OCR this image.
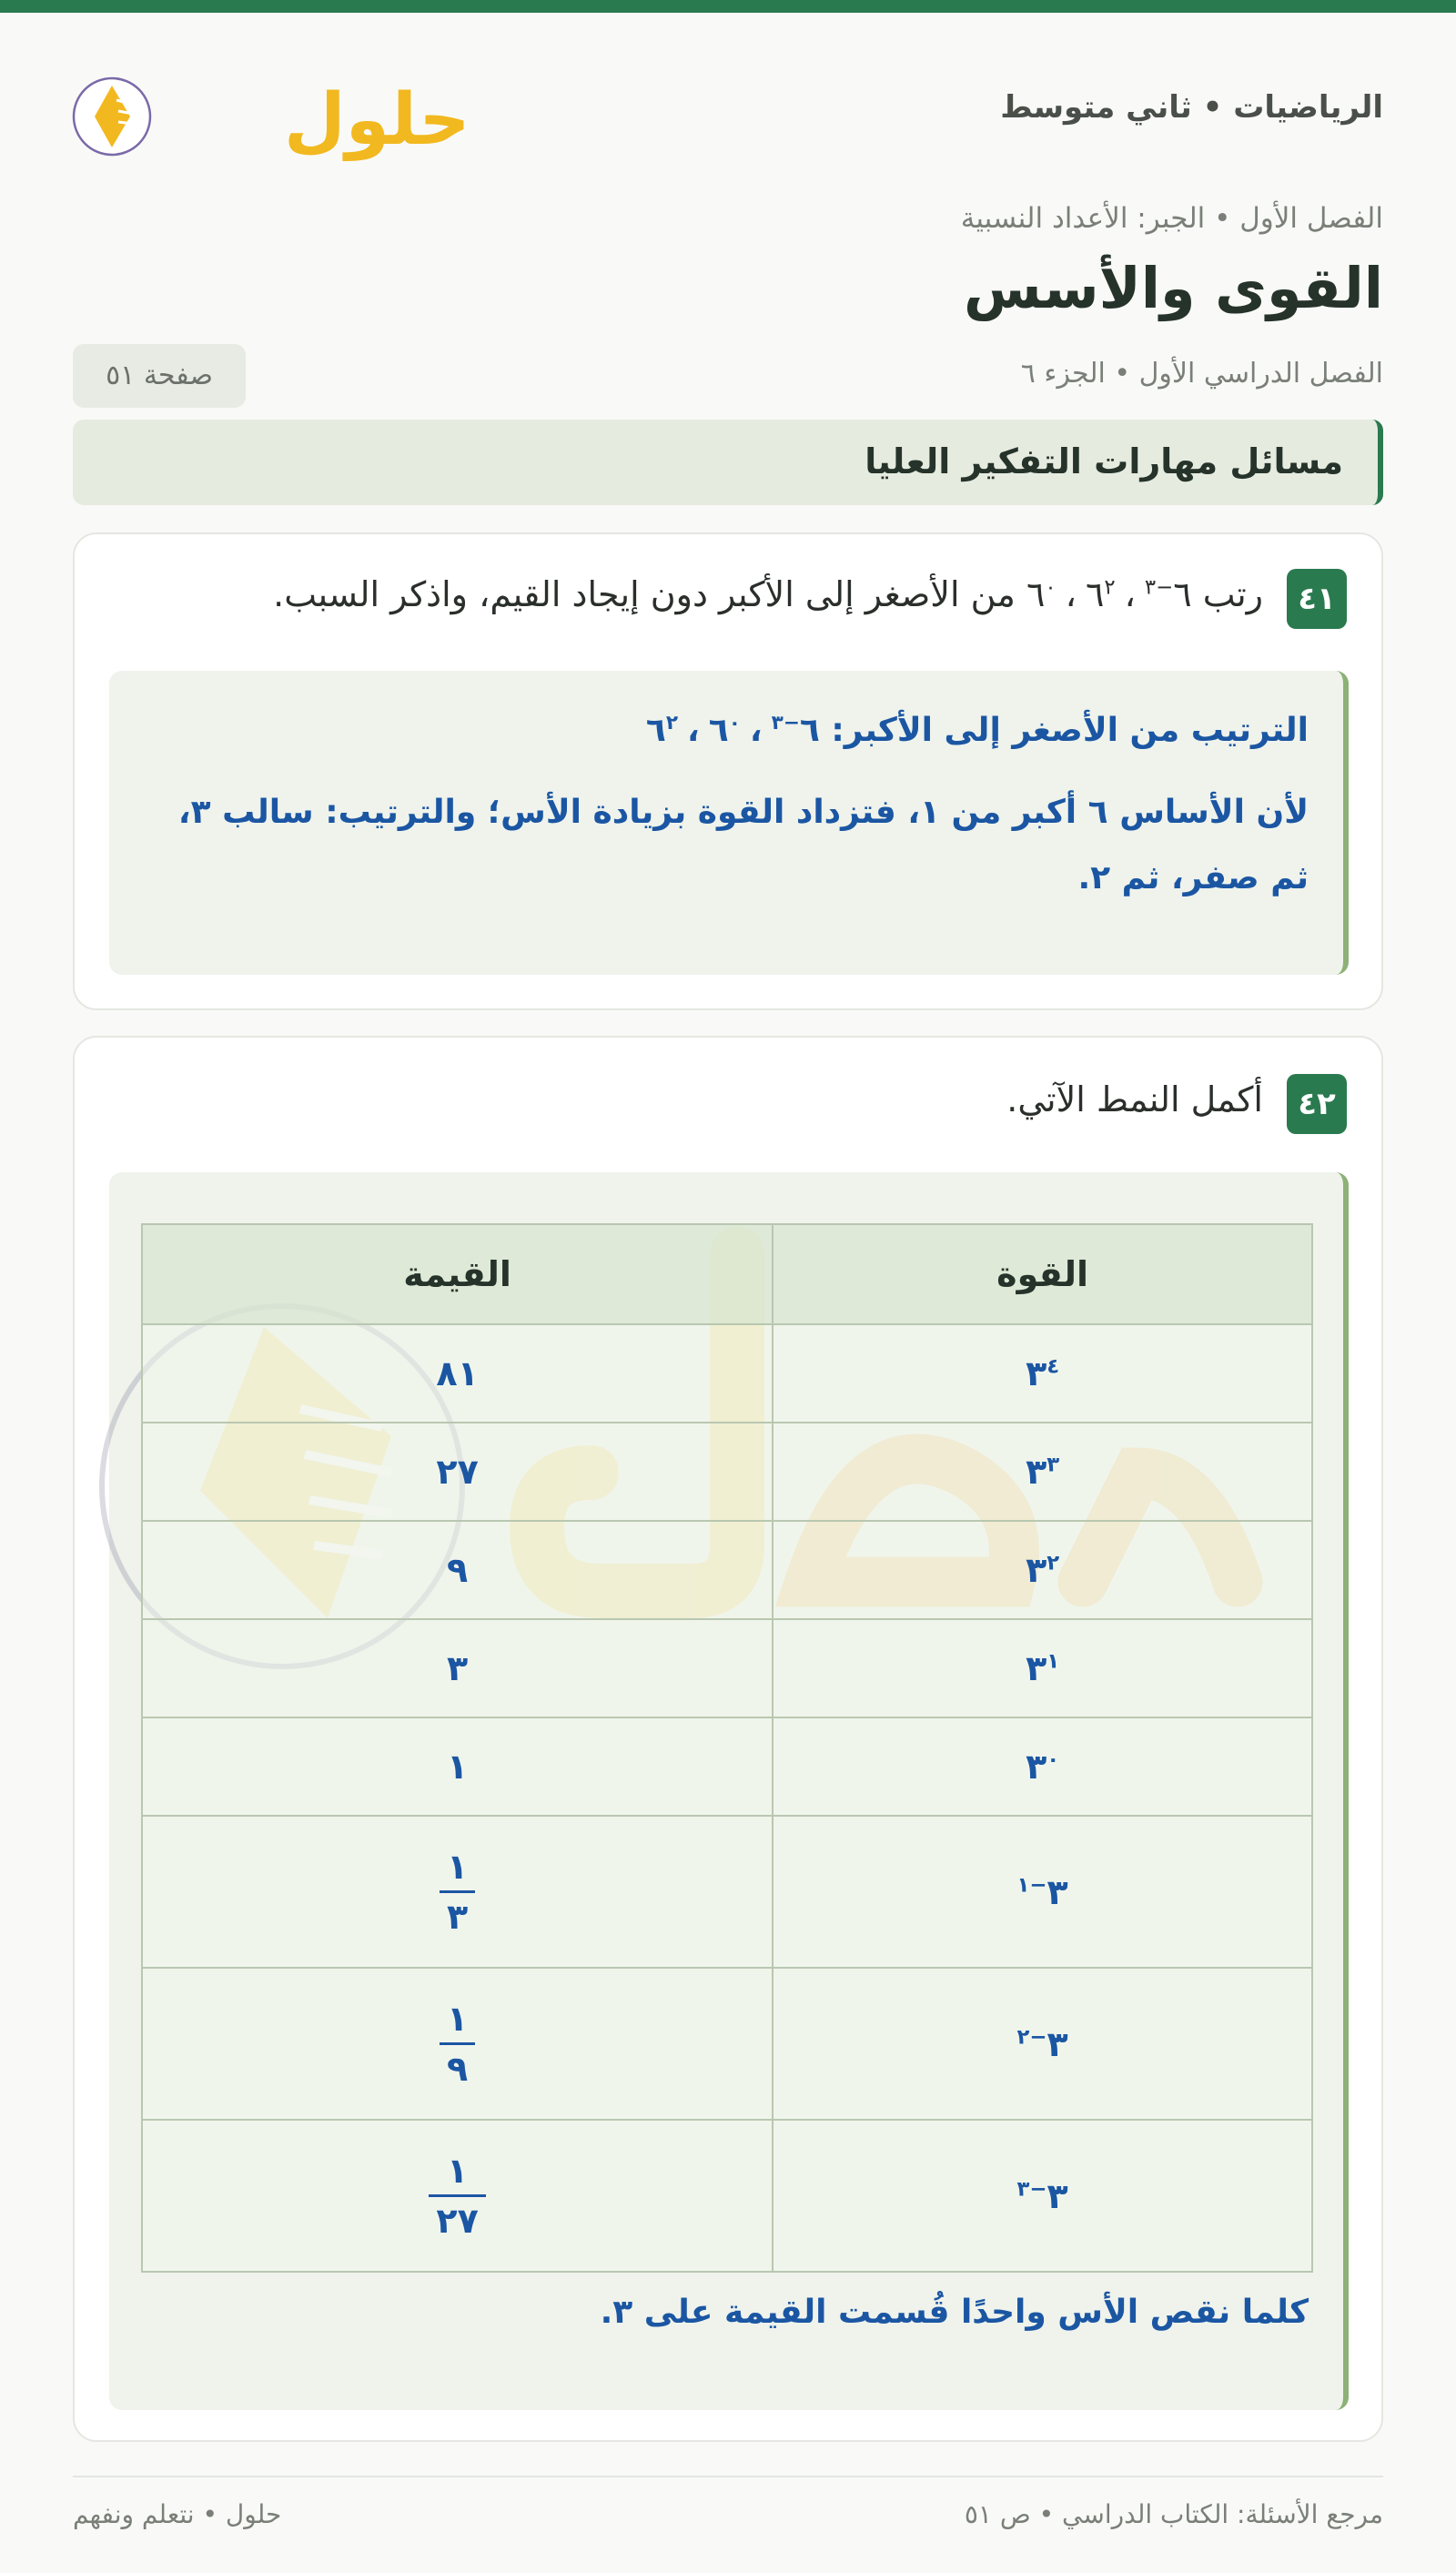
الرياضيات • ثاني متوسط
حلول
الفصل الأول • الجبر: الأعداد النسبية
القوى والأسس
الفصل الدراسي الأول • الجزء ٦
صفحة ٥١
مسائل مهارات التفكير العليا
٤١
رتب $٦^{-٣}،٦^٢،٦^٠$ من الأصغر إلى الأكبر دون إيجاد القيم، واذكر السبب.
الترتيب من الأصغر إلى الأكبر: $٦^{-٣}،٦^٠،٦^٢$
لأن الأساس ٦ أكبر من ١، فتزداد القوة بزيادة الأس؛ والترتيب: سالب ٣، ثم صفر، ثم ٢.
٤٢
أكمل النمط الآتي.
القوة	القيمة
$٣^٤$	٨١
$٣^٣$	٢٧
$٣^٢$	٩
$٣^١$	٣
$٣^٠$	١
$٣^{-١}$	$\frac{١}{٣}$

$٣^{-٢}$	$\frac{١}{٩}$

$٣^{-٣}$	$\frac{١}{٢٧}$
كلما نقص الأس واحدًا قُسمت القيمة على ٣.
مرجع الأسئلة: الكتاب الدراسي • ص ٥١
حلول • نتعلم ونفهم
